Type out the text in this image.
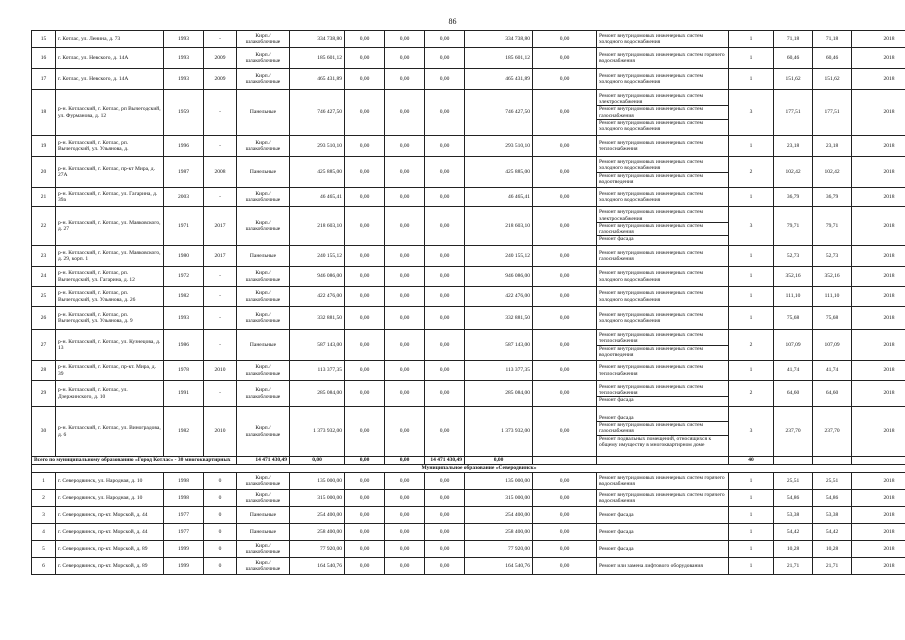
86
15	г. Котлас, ул. Ленина, д. 73	1993	-	Кирп./шлакоблочные	334 738,80	0,00	0,00	0,00	334 738,80	0,00	Ремонт внутридомовых инженерных систем холодного водоснабжения	1	71,18	71,18	2018
16	г. Котлас, ул. Невского, д. 14А	1993	2009	Кирп./шлакоблочные	185 601,12	0,00	0,00	0,00	185 601,12	0,00	Ремонт внутридомовых инженерных систем горячего водоснабжения	1	60,46	60,46	2018
17	г. Котлас, ул. Невского, д. 14А	1993	2009	Кирп./шлакоблочные	465 431,89	0,00	0,00	0,00	465 431,89	0,00	Ремонт внутридомовых инженерных систем холодного водоснабжения	1	151,62	151,62	2018
18	р-н. Котласский, г. Котлас, рп Вычегодский, ул. Фурманова, д. 12	1959	-	Панельные	746 427,50	0,00	0,00	0,00	746 427,50	0,00	Ремонт внутридомовых инженерных систем электроснабжения
Ремонт внутридомовых инженерных систем газоснабжения
Ремонт внутридомовых инженерных систем холодного водоснабжения	3	177,51	177,51	2018
19	р-н. Котласский, г. Котлас, рп. Вычегодский, ул. Ульянова, д.	1996	-	Кирп./шлакоблочные	293 510,10	0,00	0,00	0,00	293 510,10	0,00	Ремонт внутридомовых инженерных систем теплоснабжения	1	23,18	23,18	2018
20	р-н. Котласский, г. Котлас, пр-кт Мира, д. 27А	1987	2008	Панельные	425 885,00	0,00	0,00	0,00	425 885,00	0,00	Ремонт внутридомовых инженерных систем холодного водоснабжения
Ремонт внутридомовых инженерных систем водоотведения	2	102,42	102,42	2018
21	р-н. Котласский, г. Котлас, ул. Гагарина, д. 39а	2003	-	Кирп./шлакоблочные	46 465,41	0,00	0,00	0,00	46 465,41	0,00	Ремонт внутридомовых инженерных систем холодного водоснабжения	1	36,79	36,79	2018
22	р-н. Котласский, г. Котлас, ул. Маяковского, д. 27	1971	2017	Кирп./шлакоблочные	218 603,10	0,00	0,00	0,00	218 603,10	0,00	Ремонт внутридомовых инженерных систем электроснабжения
Ремонт внутридомовых инженерных систем газоснабжения
Ремонт фасада	3	79,71	79,71	2018
23	р-н. Котласский, г. Котлас, ул. Маяковского, д. 29, корп. 1	1980	2017	Панельные	240 155,12	0,00	0,00	0,00	240 155,12	0,00	Ремонт внутридомовых инженерных систем газоснабжения	1	52,73	52,73	2018
24	р-н. Котласский, г. Котлас, рп. Вычегодский, ул. Гагарина, д. 12	1972	-	Кирп./шлакоблочные	946 086,00	0,00	0,00	0,00	946 086,00	0,00	Ремонт внутридомовых инженерных систем холодного водоснабжения	1	352,16	352,16	2018
25	р-н. Котласский, г. Котлас, рп. Вычегодский, ул. Ульянова, д. 26	1982	-	Кирп./шлакоблочные	422 476,00	0,00	0,00	0,00	422 476,00	0,00	Ремонт внутридомовых инженерных систем холодного водоснабжения	1	111,10	111,10	2018
26	р-н. Котласский, г. Котлас, рп. Вычегодский, ул. Ульянова, д. 9	1993	-	Кирп./шлакоблочные	332 881,50	0,00	0,00	0,00	332 881,50	0,00	Ремонт внутридомовых инженерных систем холодного водоснабжения	1	75,68	75,68	2018
27	р-н. Котласский, г. Котлас, ул. Кузнецова, д. 13	1986	-	Панельные	587 143,00	0,00	0,00	0,00	587 143,00	0,00	Ремонт внутридомовых инженерных систем теплоснабжения
Ремонт внутридомовых инженерных систем водоотведения	2	107,09	107,09	2018
28	р-н. Котласский, г. Котлас, пр-кт. Мира, д. 39	1978	2010	Кирп./шлакоблочные	113 377,35	0,00	0,00	0,00	113 377,35	0,00	Ремонт внутридомовых инженерных систем теплоснабжения	1	41,74	41,74	2018
29	р-н. Котласский, г. Котлас, ул. Дзержинского, д. 10	1991	-	Кирп./шлакоблочные	285 084,00	0,00	0,00	0,00	285 084,00	0,00	Ремонт внутридомовых инженерных систем теплоснабжения
Ремонт фасада	2	64,60	64,60	2018
30	р-н. Котласский, г. Котлас, ул. Виноградова, д. 6	1982	2010	Кирп./шлакоблочные	1 373 932,00	0,00	0,00	0,00	1 373 932,00	0,00	Ремонт фасада
Ремонт внутридомовых инженерных систем газоснабжения
Ремонт подвальных помещений, относящихся к общему имуществу в многоквартирном доме	3	237,70	237,70	2018
Всего по муниципальному образованию «Город Котлас» - 30 многоквартирных				14 471 430,49	0,00	0,00	0,00	14 471 430,49	0,00			40			
Муниципальное образование «Северодвинск»															
1	г. Северодвинск, ул. Народная, д. 10	1998	0	Кирп./шлакоблочные	135 000,00	0,00	0,00	0,00	135 000,00	0,00	Ремонт внутридомовых инженерных систем горячего водоснабжения	1	25,51	25,51	2018
2	г. Северодвинск, ул. Народная, д. 10	1998	0	Кирп./шлакоблочные	315 000,00	0,00	0,00	0,00	315 000,00	0,00	Ремонт внутридомовых инженерных систем горячего водоснабжения	1	54,86	54,86	2018
3	г. Северодвинск, пр-кт. Морской, д. 44	1977	0	Панельные	254 400,00	0,00	0,00	0,00	254 400,00	0,00	Ремонт фасада	1	53,38	53,38	2018
4	г. Северодвинск, пр-кт. Морской, д. 44	1977	0	Панельные	258 400,00	0,00	0,00	0,00	258 400,00	0,00	Ремонт фасада	1	54,42	54,42	2018
5	г. Северодвинск, пр-кт. Морской, д. 89	1999	0	Кирп./шлакоблочные	77 920,00	0,00	0,00	0,00	77 920,00	0,00	Ремонт фасада	1	10,28	10,28	2018
6	г. Северодвинск, пр-кт. Морской, д. 89	1999	0	Кирп./шлакоблочные	164 540,76	0,00	0,00	0,00	164 540,76	0,00	Ремонт или замена лифтового оборудования	1	21,71	21,71	2018
